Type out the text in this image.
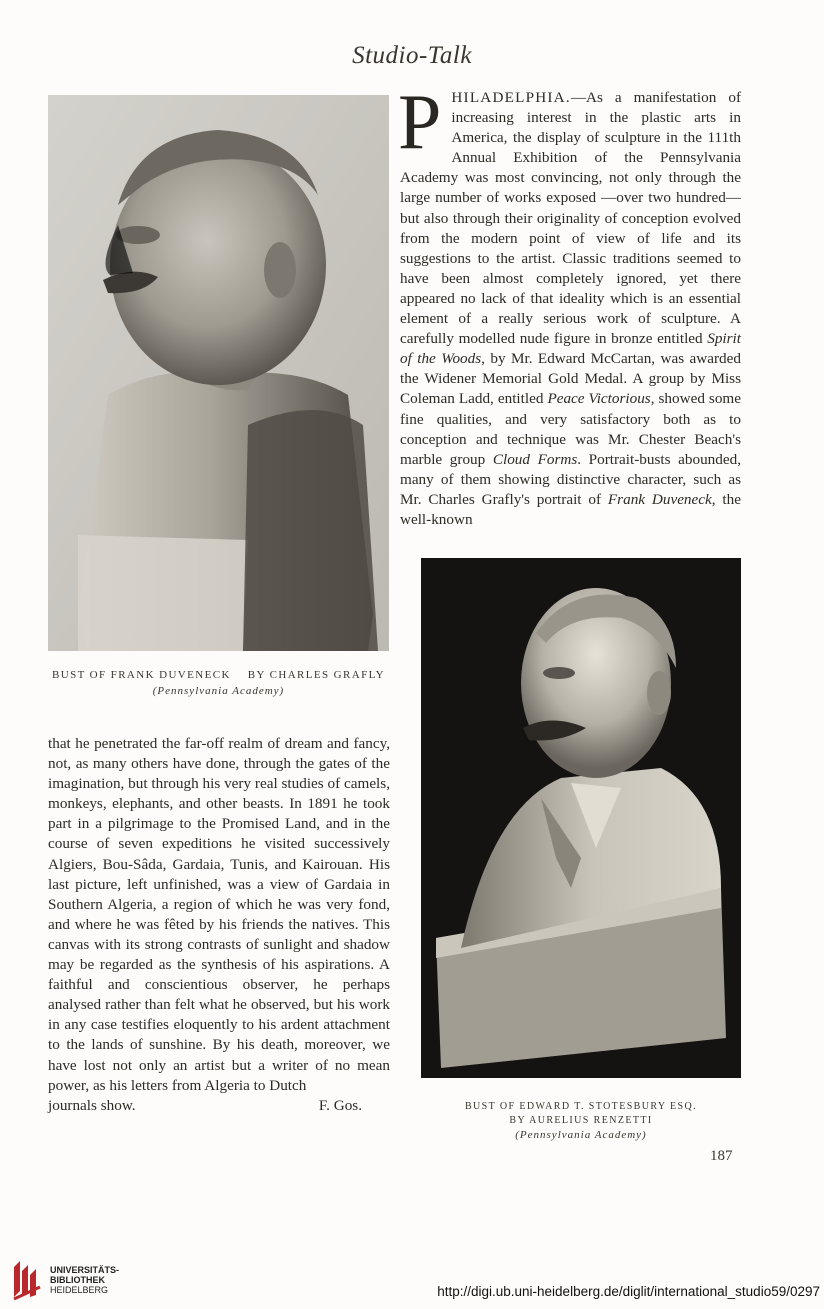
Studio-Talk
BUST OF FRANK DUVENECK BY CHARLES GRAFLY
(Pennsylvania Academy)

PHILADELPHIA.—As a manifestation of increasing interest in the plastic arts in America, the display of sculpture in the 111th Annual Exhibition of the Pennsylvania Academy was most convincing, not only through the large number of works exposed —over two hundred—but also through their originality of conception evolved from the modern point of view of life and its suggestions to the artist. Classic traditions seemed to have been almost completely ignored, yet there appeared no lack of that ideality which is an essential element of a really serious work of sculpture. A carefully modelled nude figure in bronze entitled Spirit of the Woods, by Mr. Edward McCartan, was awarded the Widener Memorial Gold Medal. A group by Miss Coleman Ladd, entitled Peace Victorious, showed some fine qualities, and very satisfactory both as to conception and technique was Mr. Chester Beach's marble group Cloud Forms. Portrait-busts abounded, many of them showing distinctive character, such as Mr. Charles Grafly's portrait of Frank Duveneck, the well-known

BUST OF EDWARD T. STOTESBURY ESQ.
BY AURELIUS RENZETTI
(Pennsylvania Academy)

that he penetrated the far-off realm of dream and fancy, not, as many others have done, through the gates of the imagination, but through his very real studies of camels, monkeys, elephants, and other beasts. In 1891 he took part in a pilgrimage to the Promised Land, and in the course of seven expeditions he visited successively Algiers, Bou-Sâda, Gardaia, Tunis, and Kairouan. His last picture, left unfinished, was a view of Gardaia in Southern Algeria, a region of which he was very fond, and where he was fêted by his friends the natives. This canvas with its strong contrasts of sunlight and shadow may be regarded as the synthesis of his aspirations. A faithful and conscientious observer, he perhaps analysed rather than felt what he observed, but his work in any case testifies eloquently to his ardent attachment to the lands of sunshine. By his death, moreover, we have lost not only an artist but a writer of no mean power, as his letters from Algeria to Dutch

journals show.	F. Gos.
187
UNIVERSITÄTS-
BIBLIOTHEK
HEIDELBERG	http://digi.ub.uni-heidelberg.de/diglit/international_studio59/0297
